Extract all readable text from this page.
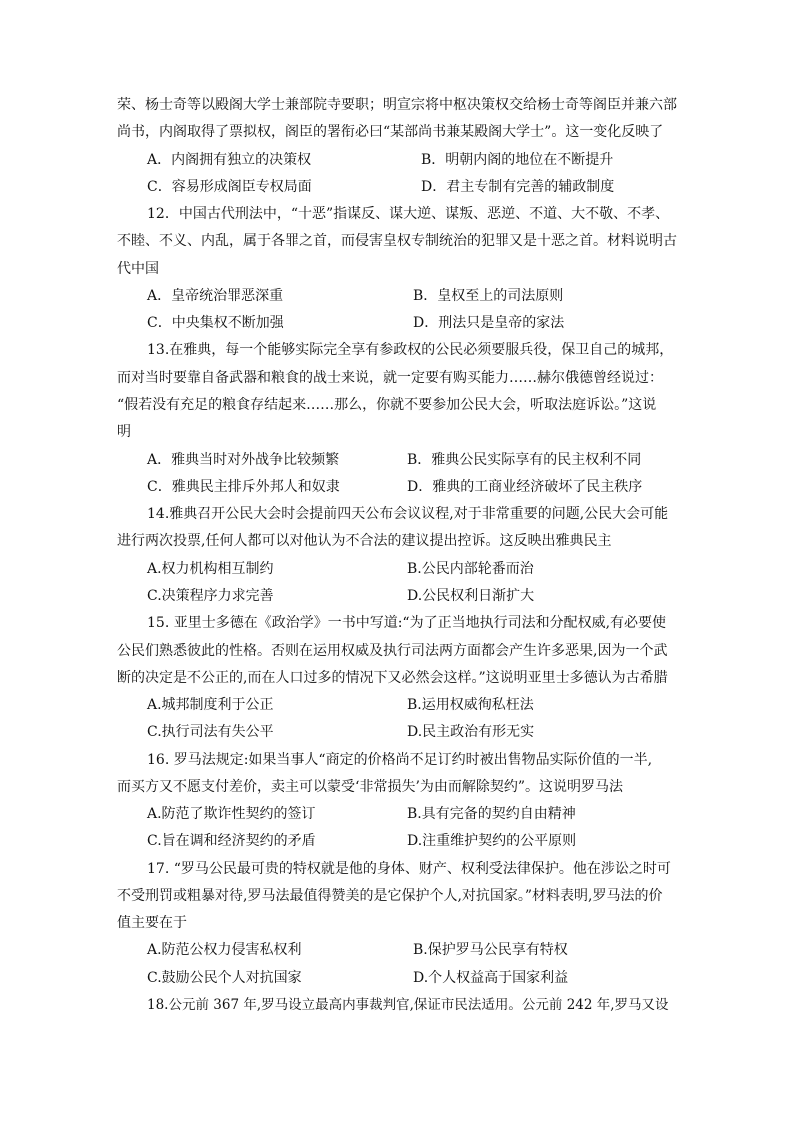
荣、杨士奇等以殿阁大学士兼部院寺要职；明宣宗将中枢决策权交给杨士奇等阁臣并兼六部
尚书，内阁取得了票拟权，阁臣的署衔必曰“某部尚书兼某殿阁大学士”。这一变化反映了
A．内阁拥有独立的决策权	B．明朝内阁的地位在不断提升
C．容易形成阁臣专权局面	D．君主专制有完善的辅政制度
12．中国古代刑法中，“十恶”指谋反、谋大逆、谋叛、恶逆、不道、大不敬、不孝、
不睦、不义、内乱，属于各罪之首，而侵害皇权专制统治的犯罪又是十恶之首。材料说明古
代中国
A．皇帝统治罪恶深重	B．皇权至上的司法原则
C．中央集权不断加强	D．刑法只是皇帝的家法
13.在雅典，每一个能够实际完全享有参政权的公民必须要服兵役，保卫自己的城邦，
而对当时要靠自备武器和粮食的战士来说，就一定要有购买能力……赫尔俄德曾经说过：
“假若没有充足的粮食存结起来……那么，你就不要参加公民大会，听取法庭诉讼。”这说
明
A．雅典当时对外战争比较频繁	B．雅典公民实际享有的民主权利不同
C．雅典民主排斥外邦人和奴隶	D．雅典的工商业经济破坏了民主秩序
14.雅典召开公民大会时会提前四天公布会议议程,对于非常重要的问题,公民大会可能
进行两次投票,任何人都可以对他认为不合法的建议提出控诉。这反映出雅典民主
A.权力机构相互制约	B.公民内部轮番而治
C.决策程序力求完善	D.公民权利日渐扩大
15. 亚里士多德在《政治学》一书中写道:“为了正当地执行司法和分配权威,有必要使
公民们熟悉彼此的性格。否则在运用权威及执行司法两方面都会产生许多恶果,因为一个武
断的决定是不公正的,而在人口过多的情况下又必然会这样。”这说明亚里士多德认为古希腊
A.城邦制度利于公正	B.运用权威徇私枉法
C.执行司法有失公平	D.民主政治有形无实
16. 罗马法规定:如果当事人“商定的价格尚不足订约时被出售物品实际价值的一半,
而买方又不愿支付差价，卖主可以蒙受‘非常损失’为由而解除契约”。这说明罗马法
A.防范了欺诈性契约的签订	B.具有完备的契约自由精神
C.旨在调和经济契约的矛盾	D.注重维护契约的公平原则
17. “罗马公民最可贵的特权就是他的身体、财产、权利受法律保护。他在涉讼之时可
不受刑罚或粗暴对待,罗马法最值得赞美的是它保护个人,对抗国家。”材料表明,罗马法的价
值主要在于
A.防范公权力侵害私权利	B.保护罗马公民享有特权
C.鼓励公民个人对抗国家	D.个人权益高于国家利益
18.公元前 367 年,罗马设立最高内事裁判官,保证市民法适用。公元前 242 年,罗马又设
